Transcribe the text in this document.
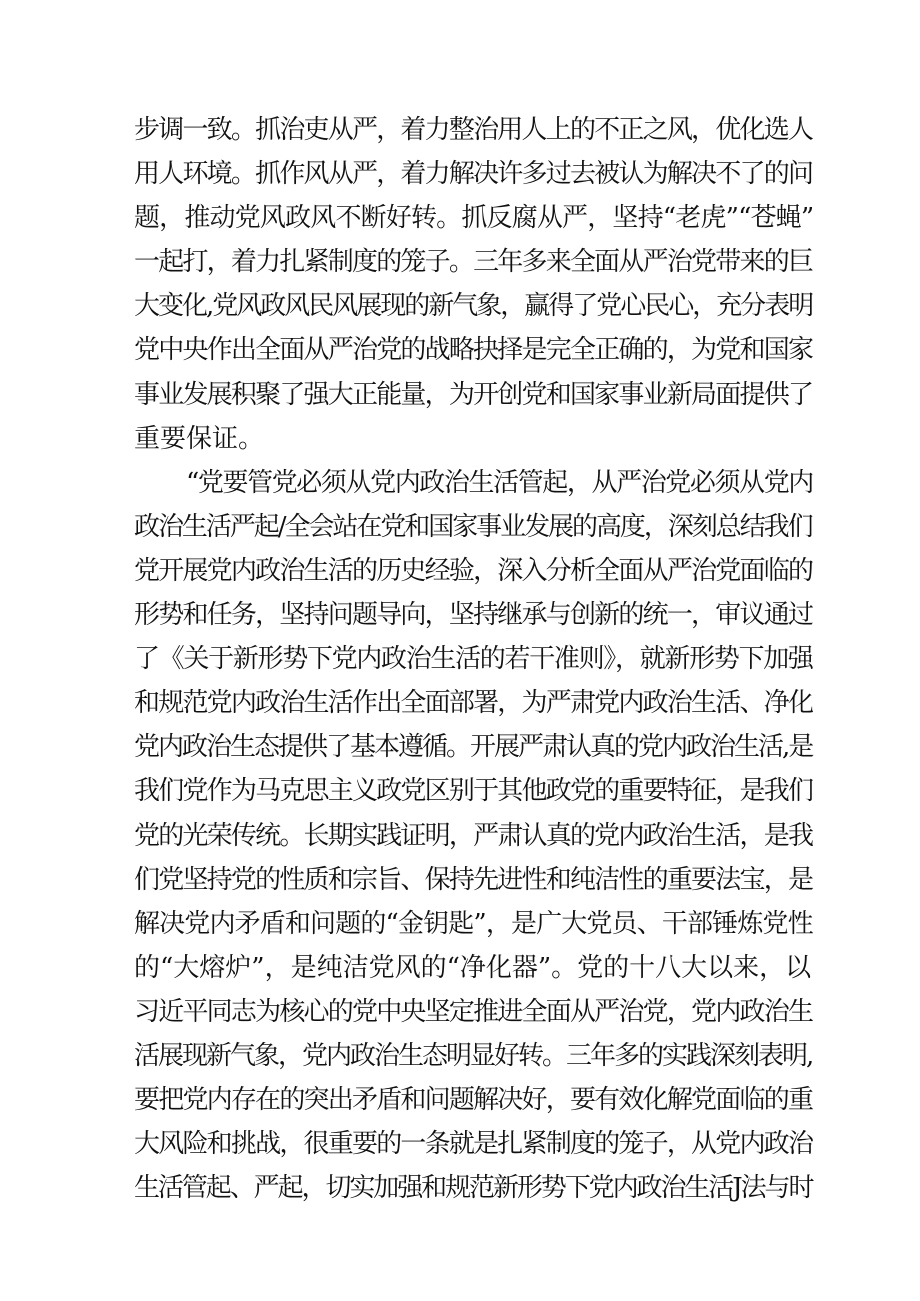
步调一致。抓治吏从严，着力整治用人上的不正之风，优化选人
用人环境。抓作风从严，着力解决许多过去被认为解决不了的问
题，推动党风政风不断好转。抓反腐从严，坚持“老虎”“苍蝇”
一起打，着力扎紧制度的笼子。三年多来全面从严治党带来的巨
大变化,党风政风民风展现的新气象，赢得了党心民心，充分表明
党中央作出全面从严治党的战略抉择是完全正确的，为党和国家
事业发展积聚了强大正能量，为开创党和国家事业新局面提供了
重要保证。
“党要管党必须从党内政治生活管起，从严治党必须从党内
政治生活严起/全会站在党和国家事业发展的高度，深刻总结我们
党开展党内政治生活的历史经验，深入分析全面从严治党面临的
形势和任务，坚持问题导向，坚持继承与创新的统一，审议通过
了《关于新形势下党内政治生活的若干准则》，就新形势下加强
和规范党内政治生活作出全面部署，为严肃党内政治生活、净化
党内政治生态提供了基本遵循。开展严肃认真的党内政治生活,是
我们党作为马克思主义政党区别于其他政党的重要特征，是我们
党的光荣传统。长期实践证明，严肃认真的党内政治生活，是我
们党坚持党的性质和宗旨、保持先进性和纯洁性的重要法宝，是
解决党内矛盾和问题的“金钥匙”，是广大党员、干部锤炼党性
的“大熔炉”，是纯洁党风的“净化器”。党的十八大以来，以
习近平同志为核心的党中央坚定推进全面从严治党，党内政治生
活展现新气象，党内政治生态明显好转。三年多的实践深刻表明,
要把党内存在的突出矛盾和问题解决好，要有效化解党面临的重
大风险和挑战，很重要的一条就是扎紧制度的笼子，从党内政治
生活管起、严起，切实加强和规范新形势下党内政治生活J法与时
